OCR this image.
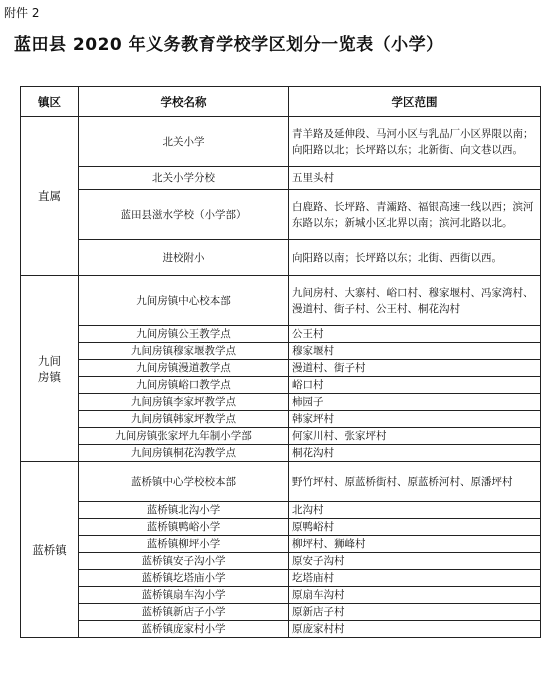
附件 2
蓝田县 2020 年义务教育学校学区划分一览表（小学）
镇区	学校名称	学区范围
直属	北关小学	青羊路及延伸段、马河小区与乳品厂小区界限以南；向阳路以北；长坪路以东；北新街、向文巷以西。
	北关小学分校	五里头村
	蓝田县滋水学校（小学部）	白鹿路、长坪路、青灞路、福银高速一线以西；滨河东路以东；新城小区北界以南；滨河北路以北。
	进校附小	向阳路以南；长坪路以东；北街、西街以西。
九间房镇	九间房镇中心校本部	九间房村、大寨村、峪口村、穆家堰村、冯家湾村、漫道村、街子村、公王村、桐花沟村
	九间房镇公王教学点	公王村
	九间房镇穆家堰教学点	穆家堰村
	九间房镇漫道教学点	漫道村、街子村
	九间房镇峪口教学点	峪口村
	九间房镇李家坪教学点	柿园子
	九间房镇韩家坪教学点	韩家坪村
	九间房镇张家坪九年制小学部	何家川村、张家坪村
	九间房镇桐花沟教学点	桐花沟村
蓝桥镇	蓝桥镇中心学校校本部	野竹坪村、原蓝桥街村、原蓝桥河村、原潘坪村
	蓝桥镇北沟小学	北沟村
	蓝桥镇鸭峪小学	原鸭峪村
	蓝桥镇柳坪小学	柳坪村、狮峰村
	蓝桥镇安子沟小学	原安子沟村
	蓝桥镇圪塔庙小学	圪塔庙村
	蓝桥镇扇车沟小学	原扇车沟村
	蓝桥镇新店子小学	原新店子村
	蓝桥镇庞家村小学	原庞家村村
